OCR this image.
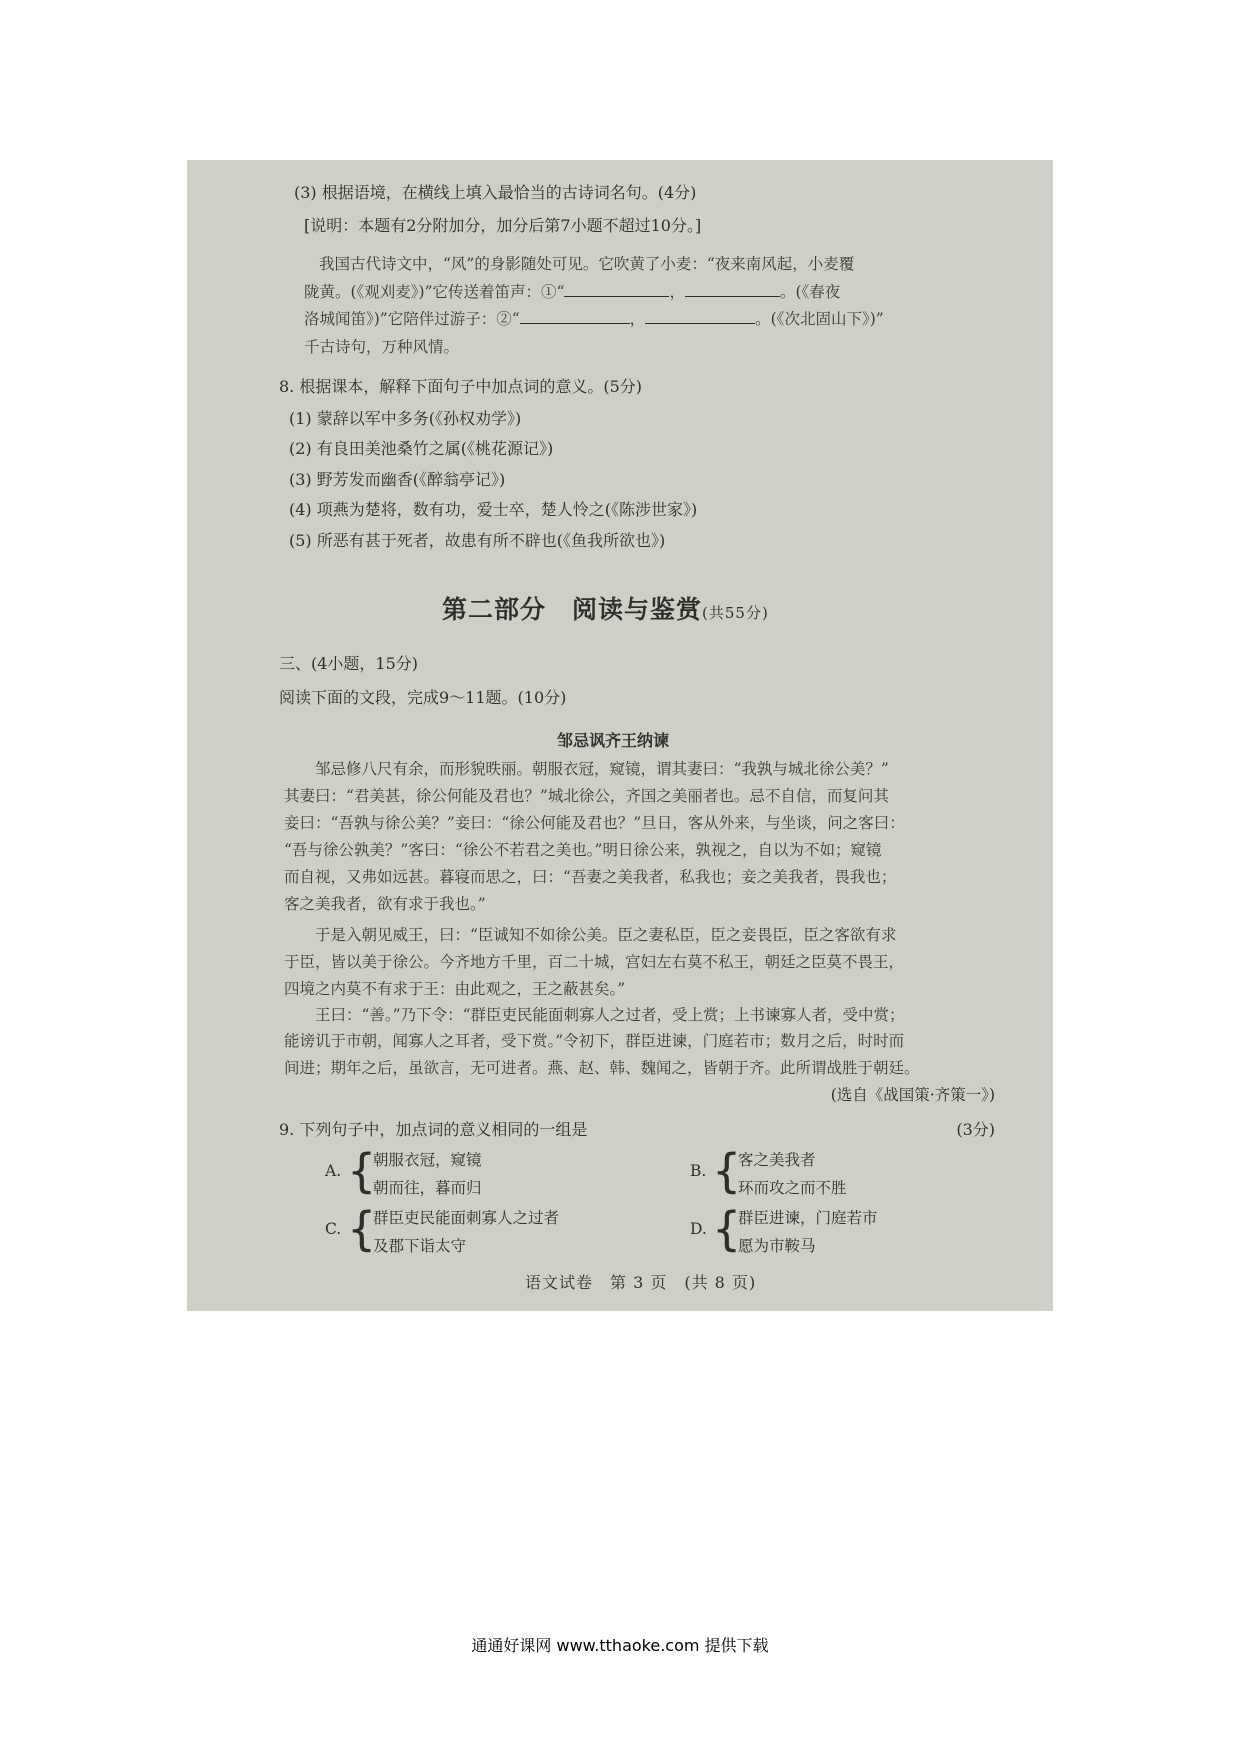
(3) 根据语境，在横线上填入最恰当的古诗词名句。(4分)
[说明：本题有2分附加分，加分后第7小题不超过10分。]
我国古代诗文中，“风”的身影随处可见。它吹黄了小麦：“夜来南风起，小麦覆
陇黄。(《观刈麦》)”它传送着笛声：①“	，	。(《春夜
洛城闻笛》)”它陪伴过游子：②“	，	。(《次北固山下》)”
千古诗句，万种风情。
8. 根据课本，解释下面句子中加点词的意义。(5分)
(1) 蒙辞以军中多务(《孙权劝学》)
(2) 有良田美池桑竹之属(《桃花源记》)
(3) 野芳发而幽香(《醉翁亭记》)
(4) 项燕为楚将，数有功，爱士卒，楚人怜之(《陈涉世家》)
(5) 所恶有甚于死者，故患有所不辟也(《鱼我所欲也》)
第二部分　阅读与鉴赏(共55分)
三、(4小题，15分)
阅读下面的文段，完成9～11题。(10分)
邹忌讽齐王纳谏
　　邹忌修八尺有余，而形貌昳丽。朝服衣冠，窥镜，谓其妻曰：“我孰与城北徐公美？”
其妻曰：“君美甚，徐公何能及君也？”城北徐公，齐国之美丽者也。忌不自信，而复问其
妾曰：“吾孰与徐公美？”妾曰：“徐公何能及君也？”旦日，客从外来，与坐谈，问之客曰：
“吾与徐公孰美？”客曰：“徐公不若君之美也。”明日徐公来，孰视之，自以为不如；窥镜
而自视，又弗如远甚。暮寝而思之，曰：“吾妻之美我者，私我也；妾之美我者，畏我也；
客之美我者，欲有求于我也。”
　　于是入朝见威王，曰：“臣诚知不如徐公美。臣之妻私臣，臣之妾畏臣，臣之客欲有求
于臣，皆以美于徐公。今齐地方千里，百二十城，宫妇左右莫不私王，朝廷之臣莫不畏王，
四境之内莫不有求于王：由此观之，王之蔽甚矣。”
　　王曰：“善。”乃下令：“群臣吏民能面刺寡人之过者，受上赏；上书谏寡人者，受中赏；
能谤讥于市朝，闻寡人之耳者，受下赏。”令初下，群臣进谏，门庭若市；数月之后，时时而
间进；期年之后，虽欲言，无可进者。燕、赵、韩、魏闻之，皆朝于齐。此所谓战胜于朝廷。
(选自《战国策·齐策一》)
9. 下列句子中，加点词的意义相同的一组是	(3分)
A. {
朝服衣冠，窥镜
朝而往，暮而归
B. {
客之美我者
环而攻之而不胜
C. {
群臣吏民能面刺寡人之过者
及郡下诣太守
D. {
群臣进谏，门庭若市
愿为市鞍马
语文试卷　第 3 页　(共 8 页)
通通好课网 www.tthaoke.com 提供下载
